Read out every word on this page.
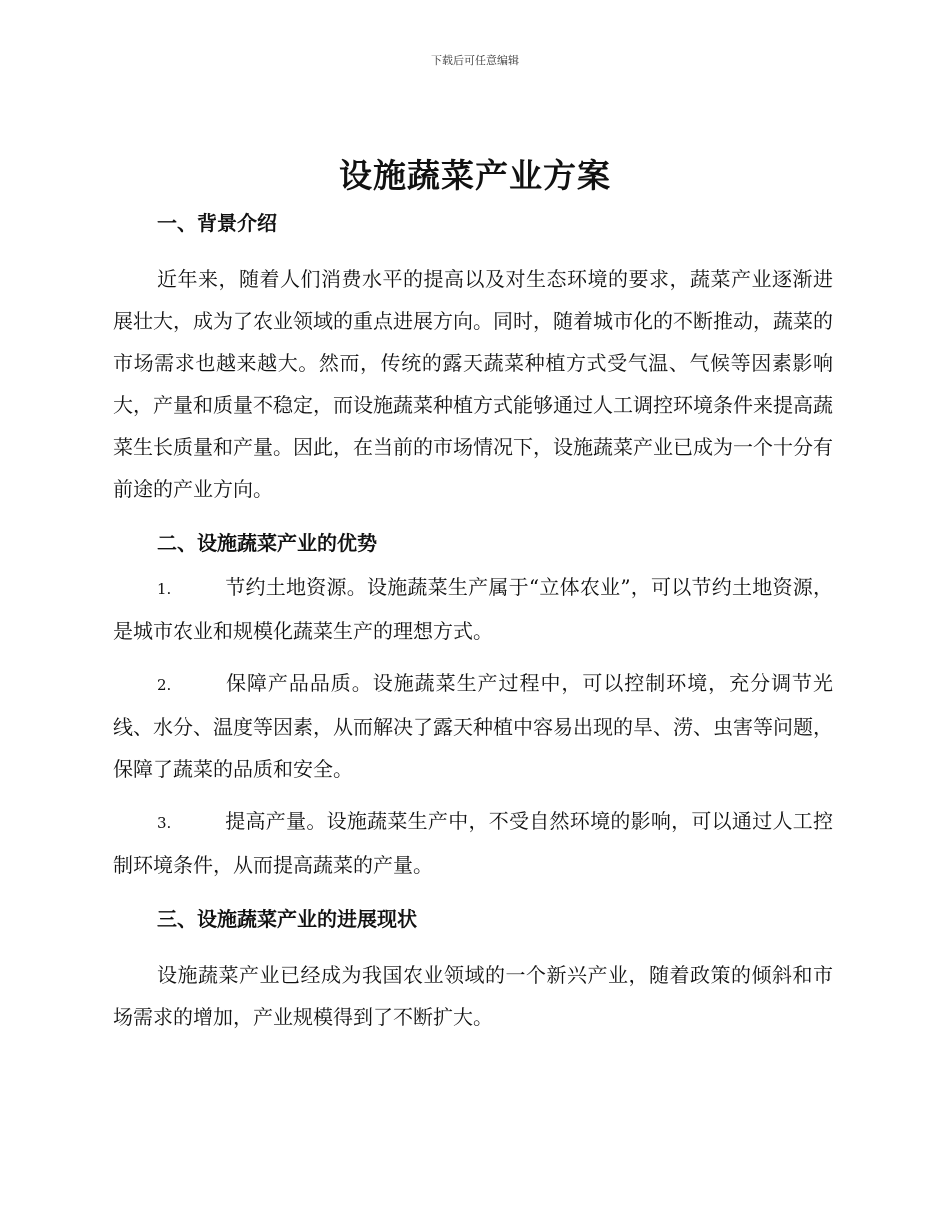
下载后可任意编辑
设施蔬菜产业方案
一、背景介绍

近年来，随着人们消费水平的提高以及对生态环境的要求，蔬菜产业逐渐进展壮大，成为了农业领域的重点进展方向。同时，随着城市化的不断推动，蔬菜的市场需求也越来越大。然而，传统的露天蔬菜种植方式受气温、气候等因素影响大，产量和质量不稳定，而设施蔬菜种植方式能够通过人工调控环境条件来提高蔬菜生长质量和产量。因此，在当前的市场情况下，设施蔬菜产业已成为一个十分有前途的产业方向。

二、设施蔬菜产业的优势
1.	节约土地资源。设施蔬菜生产属于“立体农业”，可以节约土地资源，是城市农业和规模化蔬菜生产的理想方式。
2.	保障产品品质。设施蔬菜生产过程中，可以控制环境，充分调节光线、水分、温度等因素，从而解决了露天种植中容易出现的旱、涝、虫害等问题，保障了蔬菜的品质和安全。
3.	提高产量。设施蔬菜生产中，不受自然环境的影响，可以通过人工控制环境条件，从而提高蔬菜的产量。
三、设施蔬菜产业的进展现状

设施蔬菜产业已经成为我国农业领域的一个新兴产业，随着政策的倾斜和市场需求的增加，产业规模得到了不断扩大。
